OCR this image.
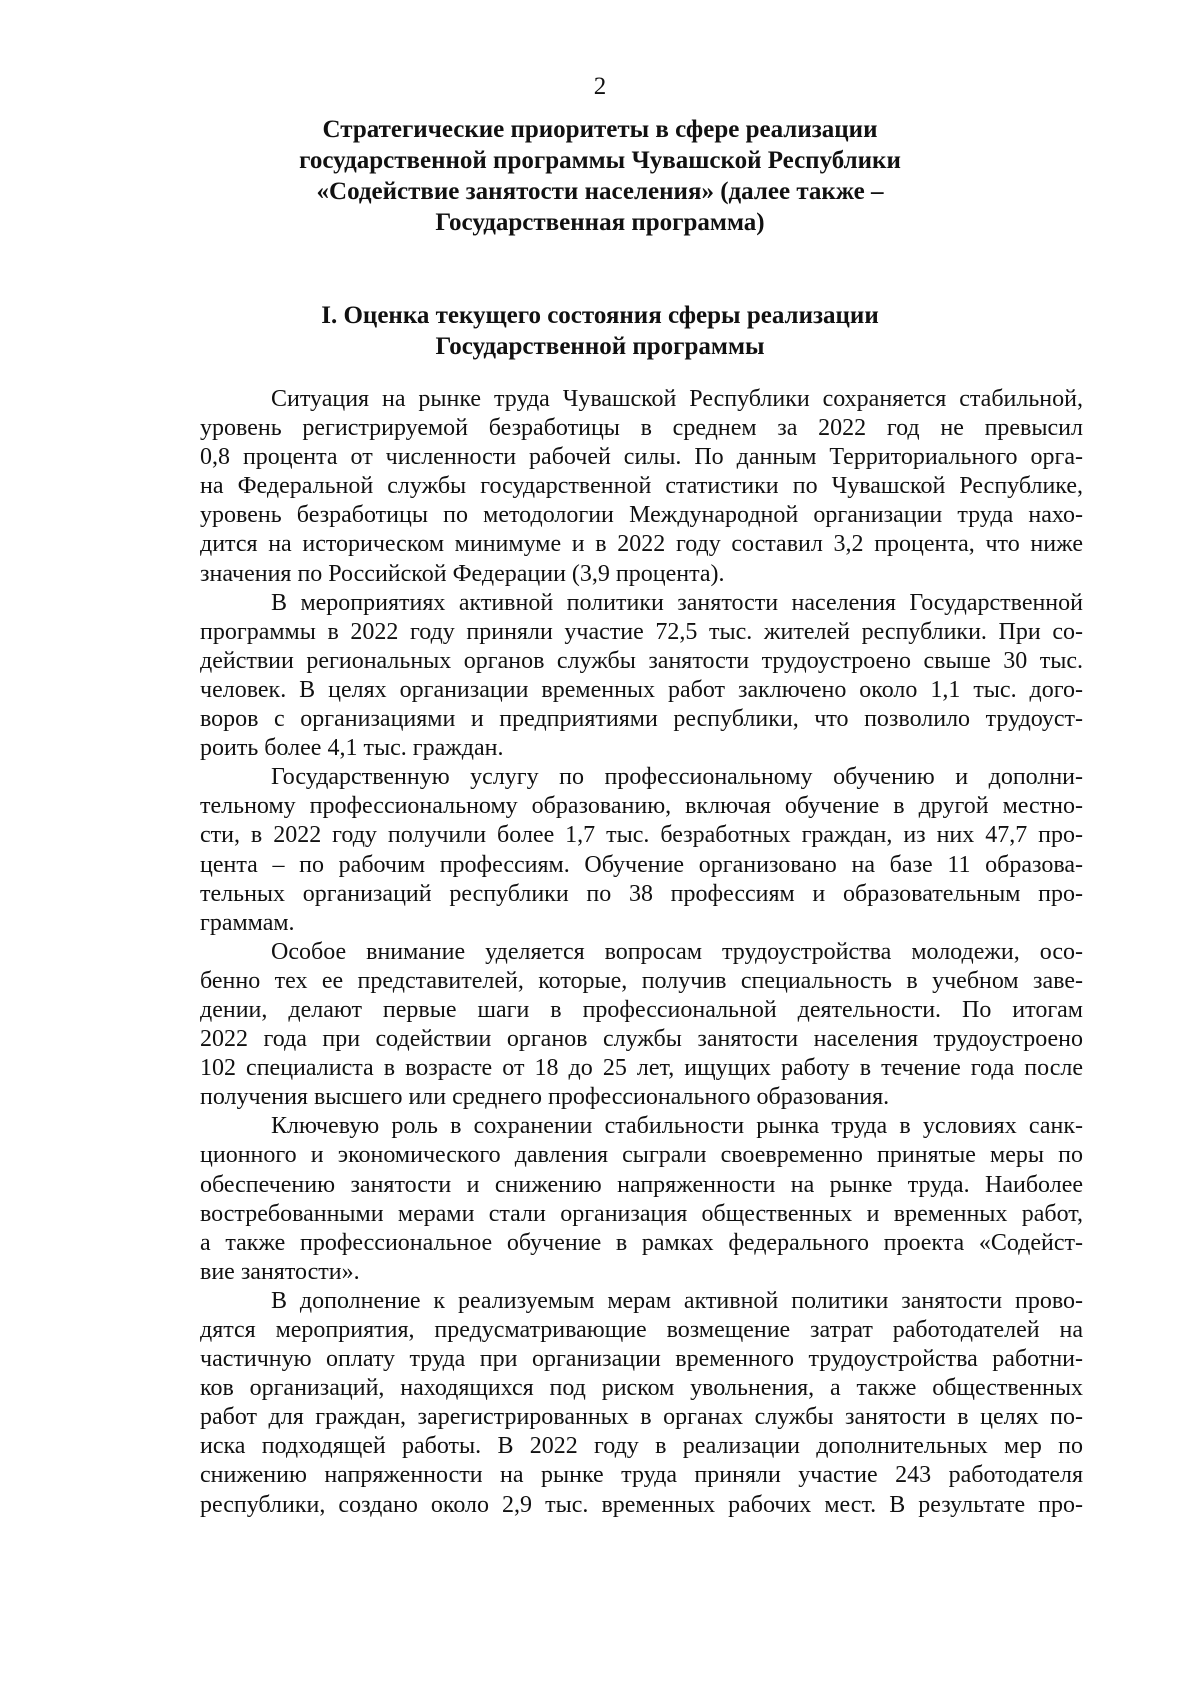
2
Стратегические приоритеты в сфере реализации
государственной программы Чувашской Республики
«Содействие занятости населения» (далее также –
Государственная программа)
I. Оценка текущего состояния сферы реализации
Государственной программы
Ситуация на рынке труда Чувашской Республики сохраняется стабильной,
уровень регистрируемой безработицы в среднем за 2022 год не превысил
0,8 процента от численности рабочей силы. По данным Территориального орга-
на Федеральной службы государственной статистики по Чувашской Республике,
уровень безработицы по методологии Международной организации труда нахо-
дится на историческом минимуме и в 2022 году составил 3,2 процента, что ниже
значения по Российской Федерации (3,9 процента).
В мероприятиях активной политики занятости населения Государственной
программы в 2022 году приняли участие 72,5 тыс. жителей республики. При со-
действии региональных органов службы занятости трудоустроено свыше 30 тыс.
человек. В целях организации временных работ заключено около 1,1 тыс. дого-
воров с организациями и предприятиями республики, что позволило трудоуст-
роить более 4,1 тыс. граждан.
Государственную услугу по профессиональному обучению и дополни-
тельному профессиональному образованию, включая обучение в другой местно-
сти, в 2022 году получили более 1,7 тыс. безработных граждан, из них 47,7 про-
цента – по рабочим профессиям. Обучение организовано на базе 11 образова-
тельных организаций республики по 38 профессиям и образовательным про-
граммам.
Особое внимание уделяется вопросам трудоустройства молодежи, осо-
бенно тех ее представителей, которые, получив специальность в учебном заве-
дении, делают первые шаги в профессиональной деятельности. По итогам
2022 года при содействии органов службы занятости населения трудоустроено
102 специалиста в возрасте от 18 до 25 лет, ищущих работу в течение года после
получения высшего или среднего профессионального образования.
Ключевую роль в сохранении стабильности рынка труда в условиях санк-
ционного и экономического давления сыграли своевременно принятые меры по
обеспечению занятости и снижению напряженности на рынке труда. Наиболее
востребованными мерами стали организация общественных и временных работ,
а также профессиональное обучение в рамках федерального проекта «Содейст-
вие занятости».
В дополнение к реализуемым мерам активной политики занятости прово-
дятся мероприятия, предусматривающие возмещение затрат работодателей на
частичную оплату труда при организации временного трудоустройства работни-
ков организаций, находящихся под риском увольнения, а также общественных
работ для граждан, зарегистрированных в органах службы занятости в целях по-
иска подходящей работы. В 2022 году в реализации дополнительных мер по
снижению напряженности на рынке труда приняли участие 243 работодателя
республики, создано около 2,9 тыс. временных рабочих мест. В результате про-
